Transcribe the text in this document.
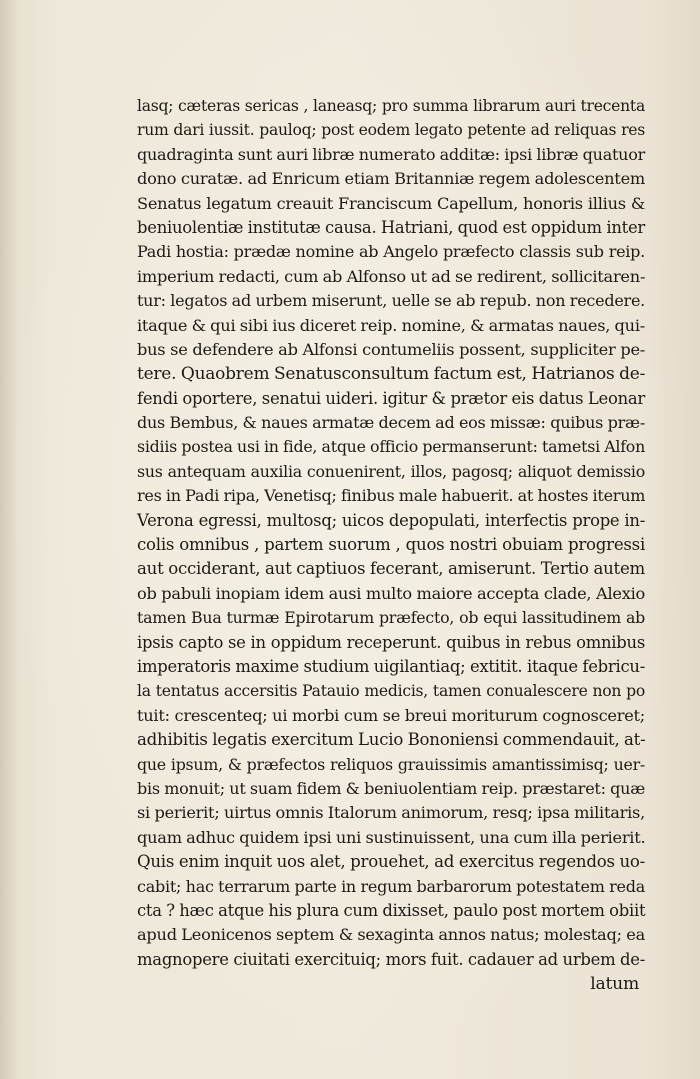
lasq; cæteras sericas , laneasq; pro summa librarum auri trecenta
rum dari iussit. pauloq; post eodem legato petente ad reliquas res
quadraginta sunt auri libræ numerato additæ: ipsi libræ quatuor
dono curatæ. ad Enricum etiam Britanniæ regem adolescentem
Senatus legatum creauit Franciscum Capellum, honoris illius &
beniuolentiæ institutæ causa. Hatriani, quod est oppidum inter
Padi hostia: prædæ nomine ab Angelo præfecto classis sub reip.
imperium redacti, cum ab Alfonso ut ad se redirent, sollicitaren-
tur: legatos ad urbem miserunt, uelle se ab repub. non recedere.
itaque & qui sibi ius diceret reip. nomine, & armatas naues, qui-
bus se defendere ab Alfonsi contumeliis possent, suppliciter pe-
tere. Quaobrem Senatusconsultum factum est, Hatrianos de-
fendi oportere, senatui uideri. igitur & prætor eis datus Leonar
dus Bembus, & naues armatæ decem ad eos missæ: quibus præ-
sidiis postea usi in fide, atque officio permanserunt: tametsi Alfon
sus antequam auxilia conuenirent, illos, pagosq; aliquot demissio
res in Padi ripa, Venetisq; finibus male habuerit. at hostes iterum
Verona egressi, multosq; uicos depopulati, interfectis prope in-
colis omnibus , partem suorum , quos nostri obuiam progressi
aut occiderant, aut captiuos fecerant, amiserunt. Tertio autem
ob pabuli inopiam idem ausi multo maiore accepta clade, Alexio
tamen Bua turmæ Epirotarum præfecto, ob equi lassitudinem ab
ipsis capto se in oppidum receperunt. quibus in rebus omnibus
imperatoris maxime studium uigilantiaq; extitit. itaque febricu-
la tentatus accersitis Patauio medicis, tamen conualescere non po
tuit: crescenteq; ui morbi cum se breui moriturum cognosceret;
adhibitis legatis exercitum Lucio Bononiensi commendauit, at-
que ipsum, & præfectos reliquos grauissimis amantissimisq; uer-
bis monuit; ut suam fidem & beniuolentiam reip. præstaret: quæ
si perierit; uirtus omnis Italorum animorum, resq; ipsa militaris,
quam adhuc quidem ipsi uni sustinuissent, una cum illa perierit.
Quis enim inquit uos alet, prouehet, ad exercitus regendos uo-
cabit; hac terrarum parte in regum barbarorum potestatem reda
cta ? hæc atque his plura cum dixisset, paulo post mortem obiit
apud Leonicenos septem & sexaginta annos natus; molestaq; ea
magnopere ciuitati exercituiq; mors fuit. cadauer ad urbem de-
latum
